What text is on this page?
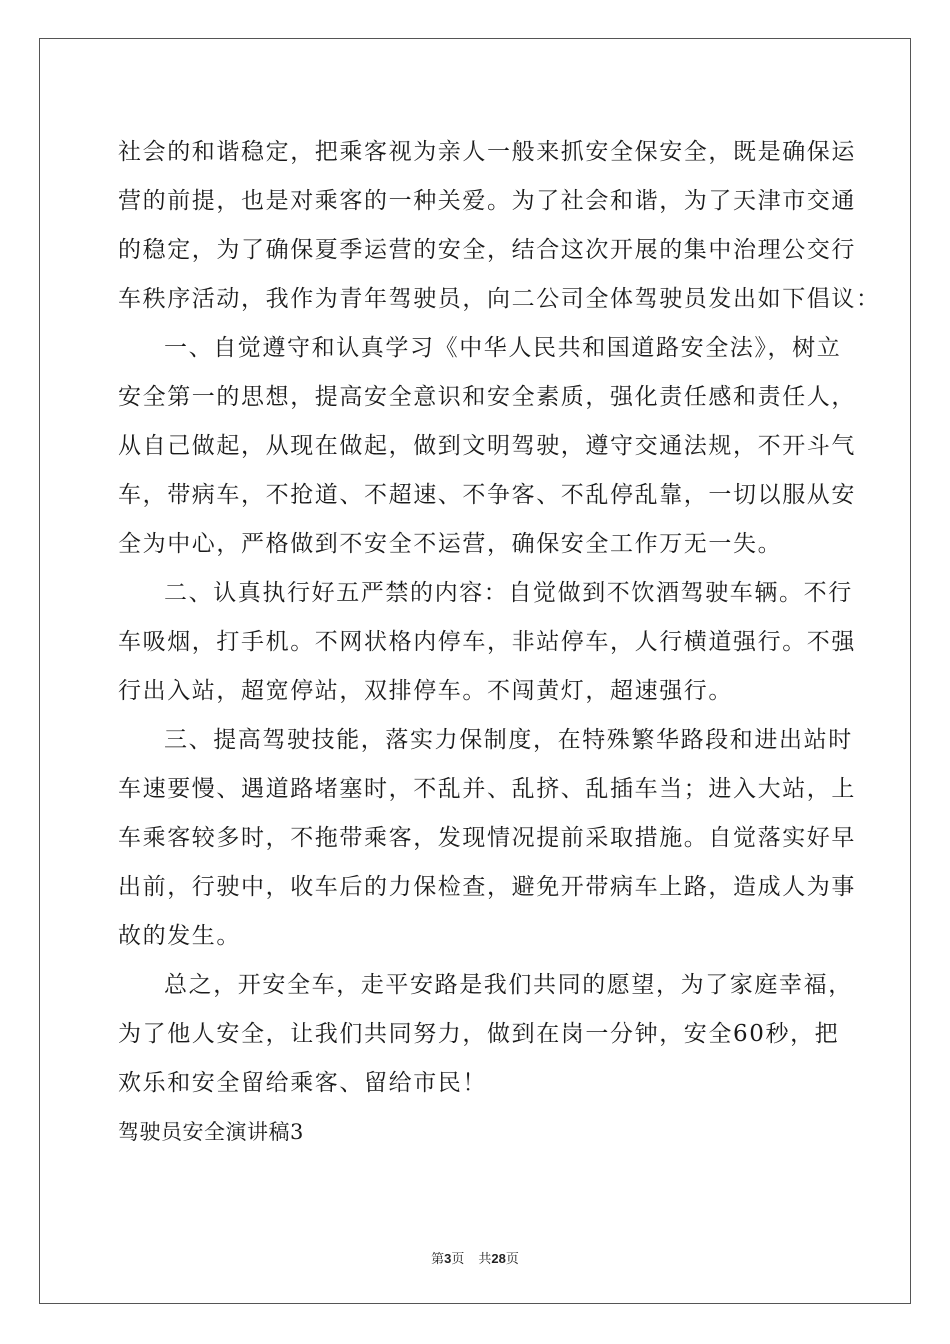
社会的和谐稳定，把乘客视为亲人一般来抓安全保安全，既是确保运
营的前提，也是对乘客的一种关爱。为了社会和谐，为了天津市交通
的稳定，为了确保夏季运营的安全，结合这次开展的集中治理公交行
车秩序活动，我作为青年驾驶员，向二公司全体驾驶员发出如下倡议：
一、自觉遵守和认真学习《中华人民共和国道路安全法》，树立
安全第一的思想，提高安全意识和安全素质，强化责任感和责任人，
从自己做起，从现在做起，做到文明驾驶，遵守交通法规，不开斗气
车，带病车，不抢道、不超速、不争客、不乱停乱靠，一切以服从安
全为中心，严格做到不安全不运营，确保安全工作万无一失。
二、认真执行好五严禁的内容：自觉做到不饮酒驾驶车辆。不行
车吸烟，打手机。不网状格内停车，非站停车，人行横道强行。不强
行出入站，超宽停站，双排停车。不闯黄灯，超速强行。
三、提高驾驶技能，落实力保制度，在特殊繁华路段和进出站时
车速要慢、遇道路堵塞时，不乱并、乱挤、乱插车当；进入大站，上
车乘客较多时，不拖带乘客，发现情况提前采取措施。自觉落实好早
出前，行驶中，收车后的力保检查，避免开带病车上路，造成人为事
故的发生。
总之，开安全车，走平安路是我们共同的愿望，为了家庭幸福，
为了他人安全，让我们共同努力，做到在岗一分钟，安全60秒，把
欢乐和安全留给乘客、留给市民！
驾驶员安全演讲稿3
第3页 共28页
